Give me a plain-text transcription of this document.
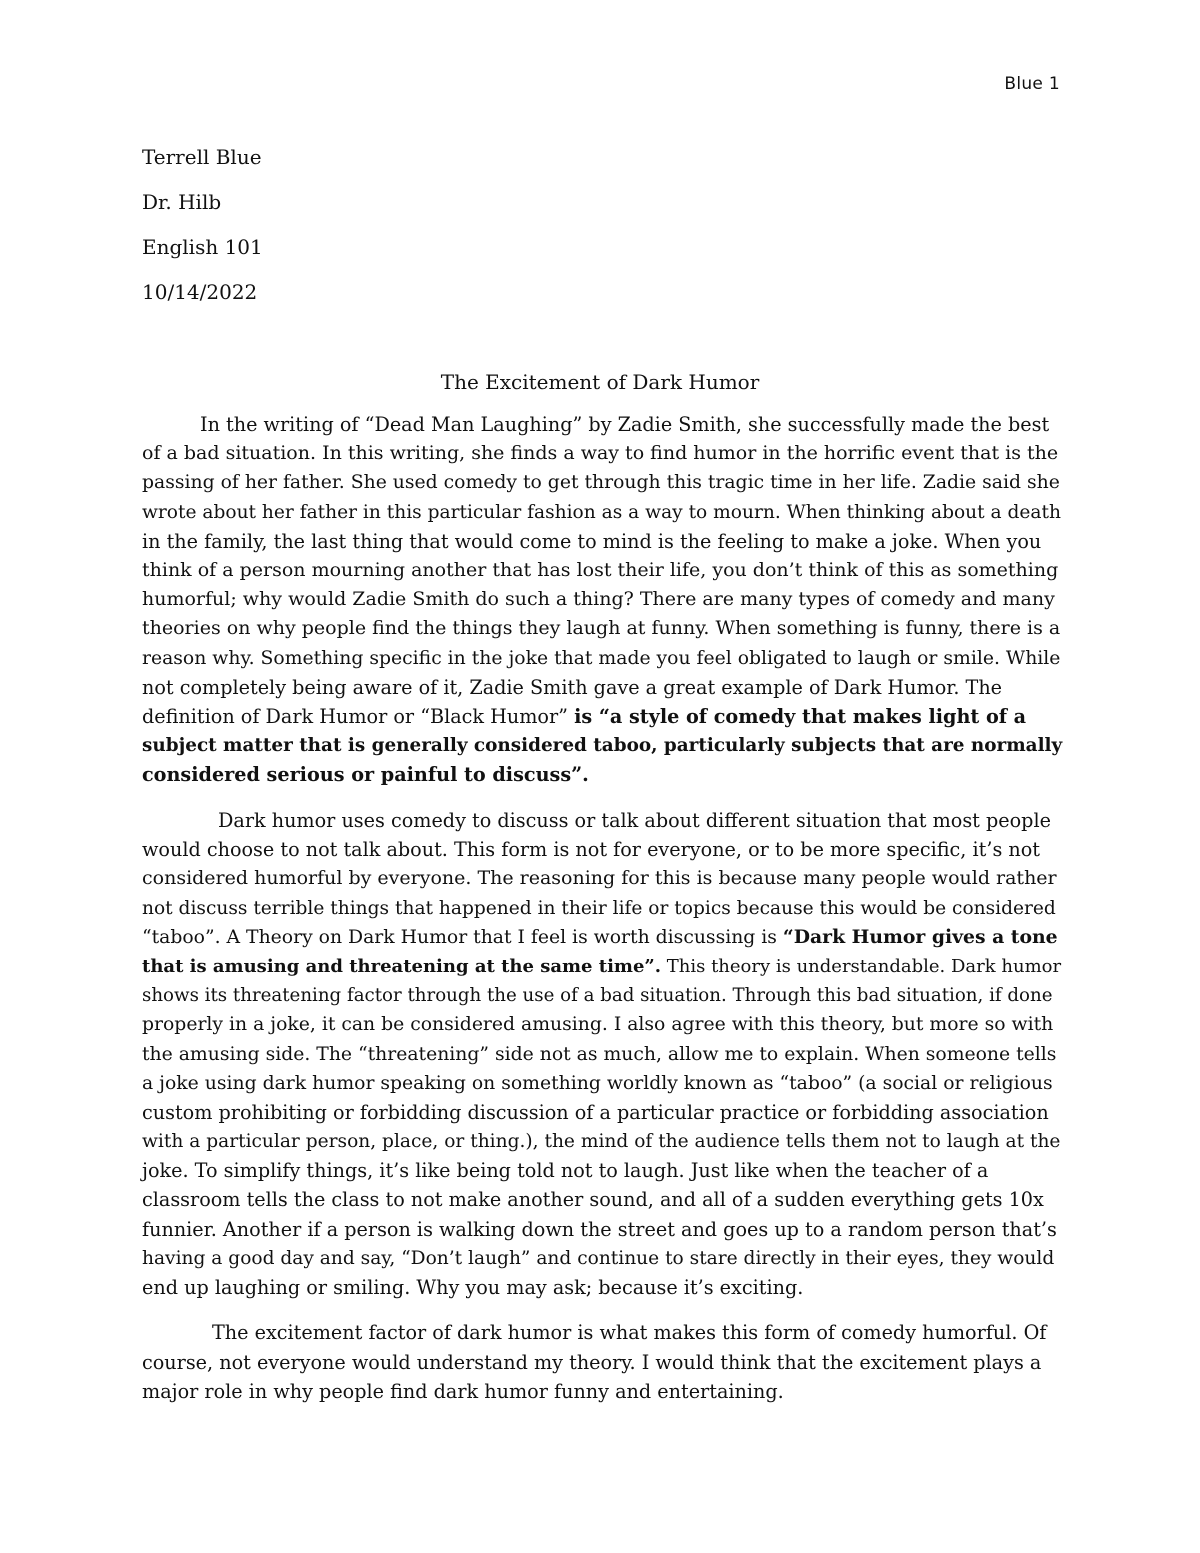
Blue 1
Terrell Blue
Dr. Hilb
English 101
10/14/2022
The Excitement of Dark Humor
In the writing of “Dead Man Laughing” by Zadie Smith, she successfully made the best
of a bad situation. In this writing, she finds a way to find humor in the horrific event that is the
passing of her father. She used comedy to get through this tragic time in her life. Zadie said she
wrote about her father in this particular fashion as a way to mourn. When thinking about a death
in the family, the last thing that would come to mind is the feeling to make a joke. When you
think of a person mourning another that has lost their life, you don’t think of this as something
humorful; why would Zadie Smith do such a thing? There are many types of comedy and many
theories on why people find the things they laugh at funny. When something is funny, there is a
reason why. Something specific in the joke that made you feel obligated to laugh or smile. While
not completely being aware of it, Zadie Smith gave a great example of Dark Humor. The
definition of Dark Humor or “Black Humor” is “a style of comedy that makes light of a
subject matter that is generally considered taboo, particularly subjects that are normally
considered serious or painful to discuss”.
Dark humor uses comedy to discuss or talk about different situation that most people
would choose to not talk about. This form is not for everyone, or to be more specific, it’s not
considered humorful by everyone. The reasoning for this is because many people would rather
not discuss terrible things that happened in their life or topics because this would be considered
“taboo”. A Theory on Dark Humor that I feel is worth discussing is “Dark Humor gives a tone
that is amusing and threatening at the same time”. This theory is understandable. Dark humor
shows its threatening factor through the use of a bad situation. Through this bad situation, if done
properly in a joke, it can be considered amusing. I also agree with this theory, but more so with
the amusing side. The “threatening” side not as much, allow me to explain. When someone tells
a joke using dark humor speaking on something worldly known as “taboo” (a social or religious
custom prohibiting or forbidding discussion of a particular practice or forbidding association
with a particular person, place, or thing.), the mind of the audience tells them not to laugh at the
joke. To simplify things, it’s like being told not to laugh. Just like when the teacher of a
classroom tells the class to not make another sound, and all of a sudden everything gets 10x
funnier. Another if a person is walking down the street and goes up to a random person that’s
having a good day and say, “Don’t laugh” and continue to stare directly in their eyes, they would
end up laughing or smiling. Why you may ask; because it’s exciting.
The excitement factor of dark humor is what makes this form of comedy humorful. Of
course, not everyone would understand my theory. I would think that the excitement plays a
major role in why people find dark humor funny and entertaining.
